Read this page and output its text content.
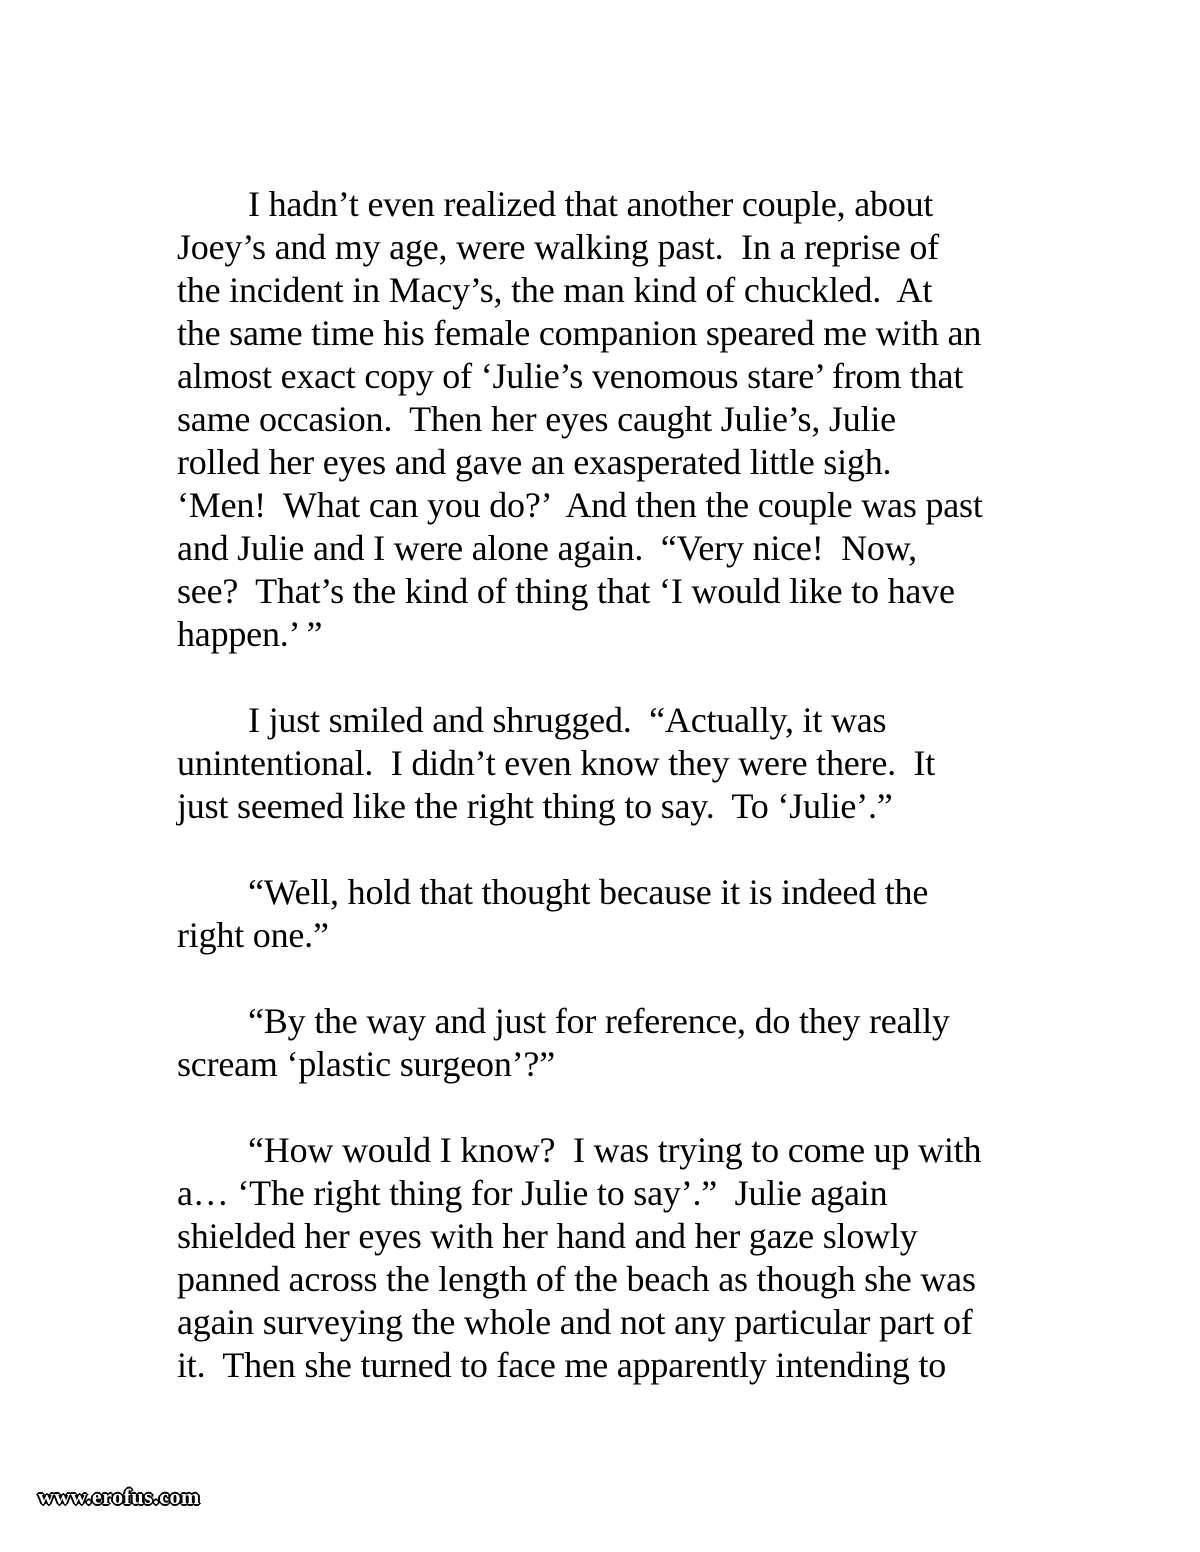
I hadn’t even realized that another couple, about
Joey’s and my age, were walking past.  In a reprise of
the incident in Macy’s, the man kind of chuckled.  At
the same time his female companion speared me with an
almost exact copy of ‘Julie’s venomous stare’ from that
same occasion.  Then her eyes caught Julie’s, Julie
rolled her eyes and gave an exasperated little sigh.
‘Men!  What can you do?’  And then the couple was past
and Julie and I were alone again.  “Very nice!  Now,
see?  That’s the kind of thing that ‘I would like to have
happen.’ ”

I just smiled and shrugged.  “Actually, it was
unintentional.  I didn’t even know they were there.  It
just seemed like the right thing to say.  To ‘Julie’.”

“Well, hold that thought because it is indeed the
right one.”

“By the way and just for reference, do they really
scream ‘plastic surgeon’?”

“How would I know?  I was trying to come up with
a… ‘The right thing for Julie to say’.”  Julie again
shielded her eyes with her hand and her gaze slowly
panned across the length of the beach as though she was
again surveying the whole and not any particular part of
it.  Then she turned to face me apparently intending to

www.erofus.com
